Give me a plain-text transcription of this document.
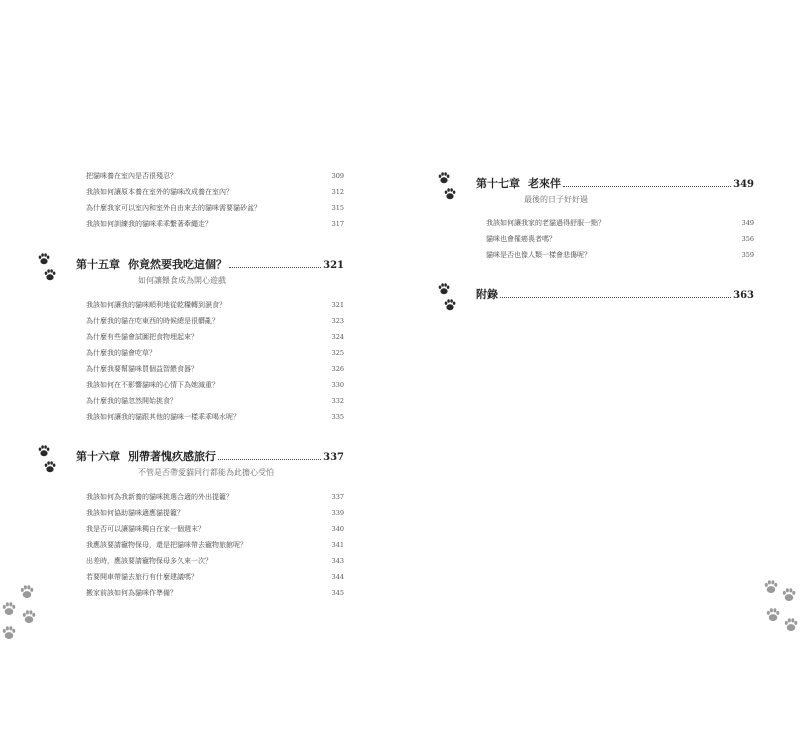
把貓咪養在室內是否很殘忍？	309
我該如何讓原本養在室外的貓咪改成養在室內？	312
為什麼我家可以室內和室外自由來去的貓咪需要貓砂盆？	315
我該如何訓練我的貓咪乖乖繫著牽繩走？	317
第十五章 你竟然要我吃這個？	321
如何讓餵食成為開心遊戲
我該如何讓我的貓咪順利地從乾糧轉到濕食？	321
為什麼我的貓在吃東西的時候總是很髒亂？	323
為什麼有些貓會試圖把食物埋起來？	324
為什麼我的貓會吃草？	325
為什麼我要幫貓咪買個益智餵食器？	326
我該如何在不影響貓咪的心情下為她減重？	330
為什麼我的貓忽然開始挑食？	332
我該如何讓我的貓跟其他的貓咪一樣乖乖喝水呢？	335
第十六章 別帶著愧疚感旅行	337
不管是否帶愛貓同行都能為此擔心受怕
我該如何為我新養的貓咪挑選合適的外出提籠？	337
我該如何協助貓咪適應貓提籠？	339
我是否可以讓貓咪獨自在家一個週末？	340
我應該要請寵物保母，還是把貓咪帶去寵物旅館呢？	341
出差時，應該要請寵物保母多久來一次？	343
若要開車帶貓去旅行有什麼建議嗎？	344
搬家前該如何為貓咪作準備？	345
第十七章 老來伴	349
最後的日子好好過
我該如何讓我家的老貓過得舒服一點？	349
貓咪也會罹癌喪者嗎？	356
貓咪是否也像人類一樣會悲傷呢？	359
附錄	363
